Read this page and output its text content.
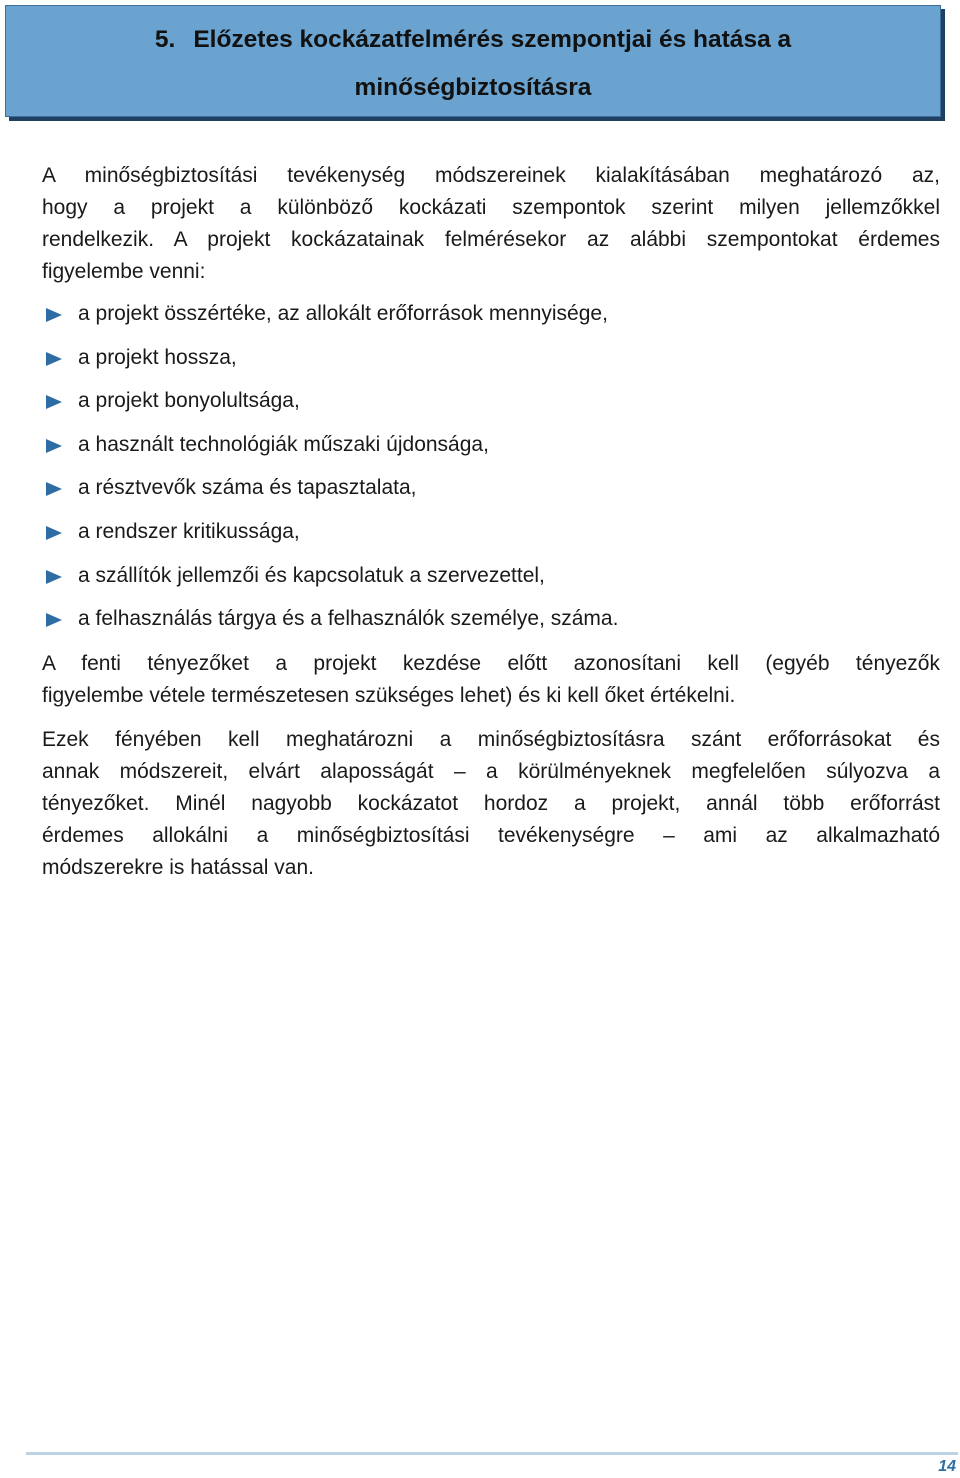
5. Előzetes kockázatfelmérés szempontjai és hatása a
minőségbiztosításra

A minőségbiztosítási tevékenység módszereinek kialakításában meghatározó az,
hogy a projekt a különböző kockázati szempontok szerint milyen jellemzőkkel
rendelkezik. A projekt kockázatainak felmérésekor az alábbi szempontokat érdemes
figyelembe venni:

a projekt összértéke, az allokált erőforrások mennyisége,
a projekt hossza,
a projekt bonyolultsága,
a használt technológiák műszaki újdonsága,
a résztvevők száma és tapasztalata,
a rendszer kritikussága,
a szállítók jellemzői és kapcsolatuk a szervezettel,
a felhasználás tárgya és a felhasználók személye, száma.

A fenti tényezőket a projekt kezdése előtt azonosítani kell (egyéb tényezők
figyelembe vétele természetesen szükséges lehet) és ki kell őket értékelni.

Ezek fényében kell meghatározni a minőségbiztosításra szánt erőforrásokat és
annak módszereit, elvárt alaposságát – a körülményeknek megfelelően súlyozva a
tényezőket. Minél nagyobb kockázatot hordoz a projekt, annál több erőforrást
érdemes allokálni a minőségbiztosítási tevékenységre – ami az alkalmazható
módszerekre is hatással van.

14
